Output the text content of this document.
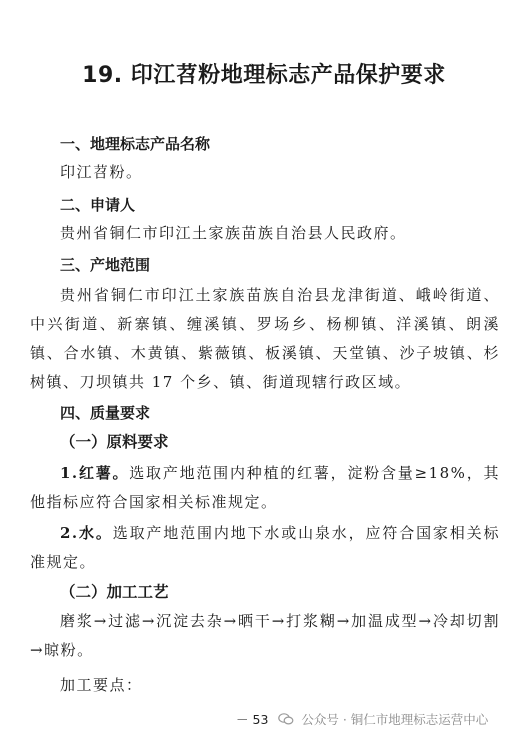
19. 印江苕粉地理标志产品保护要求
一、地理标志产品名称
印江苕粉。
二、申请人
贵州省铜仁市印江土家族苗族自治县人民政府。
三、产地范围
贵州省铜仁市印江土家族苗族自治县龙津街道、峨岭街道、中兴街道、新寨镇、缠溪镇、罗场乡、杨柳镇、洋溪镇、朗溪镇、合水镇、木黄镇、紫薇镇、板溪镇、天堂镇、沙子坡镇、杉树镇、刀坝镇共 17 个乡、镇、街道现辖行政区域。
四、质量要求
（一）原料要求
1.红薯。选取产地范围内种植的红薯，淀粉含量≥18%，其他指标应符合国家相关标准规定。
2.水。选取产地范围内地下水或山泉水，应符合国家相关标准规定。
（二）加工工艺
磨浆→过滤→沉淀去杂→晒干→打浆糊→加温成型→冷却切割→晾粉。
加工要点：
－ 53	公众号 · 铜仁市地理标志运营中心
